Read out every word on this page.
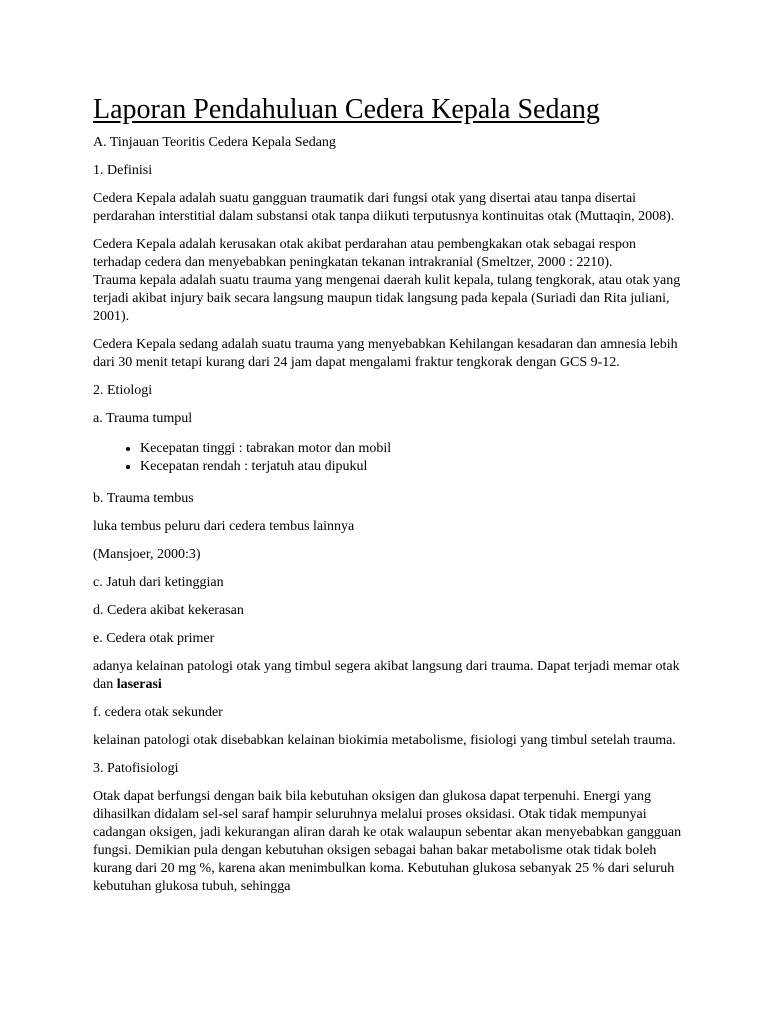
Laporan Pendahuluan Cedera Kepala Sedang

A. Tinjauan Teoritis Cedera Kepala Sedang

1. Definisi

Cedera Kepala adalah suatu gangguan traumatik dari fungsi otak yang disertai atau tanpa disertai perdarahan interstitial dalam substansi otak tanpa diikuti terputusnya kontinuitas otak (Muttaqin, 2008).

Cedera Kepala adalah kerusakan otak akibat perdarahan atau pembengkakan otak sebagai respon terhadap cedera dan menyebabkan peningkatan tekanan intrakranial (Smeltzer, 2000 : 2210).
Trauma kepala adalah suatu trauma yang mengenai daerah kulit kepala, tulang tengkorak, atau otak yang terjadi akibat injury baik secara langsung maupun tidak langsung pada kepala (Suriadi dan Rita juliani, 2001).

Cedera Kepala sedang adalah suatu trauma yang menyebabkan Kehilangan kesadaran dan amnesia lebih dari 30 menit tetapi kurang dari 24 jam dapat mengalami fraktur tengkorak dengan GCS 9-12.

2. Etiologi

a. Trauma tumpul

• Kecepatan tinggi : tabrakan motor dan mobil
• Kecepatan rendah : terjatuh atau dipukul

b. Trauma tembus

luka tembus peluru dari cedera tembus lainnya

(Mansjoer, 2000:3)

c. Jatuh dari ketinggian

d. Cedera akibat kekerasan

e. Cedera otak primer

adanya kelainan patologi otak yang timbul segera akibat langsung dari trauma. Dapat terjadi memar otak dan laserasi

f. cedera otak sekunder

kelainan patologi otak disebabkan kelainan biokimia metabolisme, fisiologi yang timbul setelah trauma.

3. Patofisiologi

Otak dapat berfungsi dengan baik bila kebutuhan oksigen dan glukosa dapat terpenuhi. Energi yang dihasilkan didalam sel-sel saraf hampir seluruhnya melalui proses oksidasi. Otak tidak mempunyai cadangan oksigen, jadi kekurangan aliran darah ke otak walaupun sebentar akan menyebabkan gangguan fungsi. Demikian pula dengan kebutuhan oksigen sebagai bahan bakar metabolisme otak tidak boleh kurang dari 20 mg %, karena akan menimbulkan koma. Kebutuhan glukosa sebanyak 25 % dari seluruh kebutuhan glukosa tubuh, sehingga
